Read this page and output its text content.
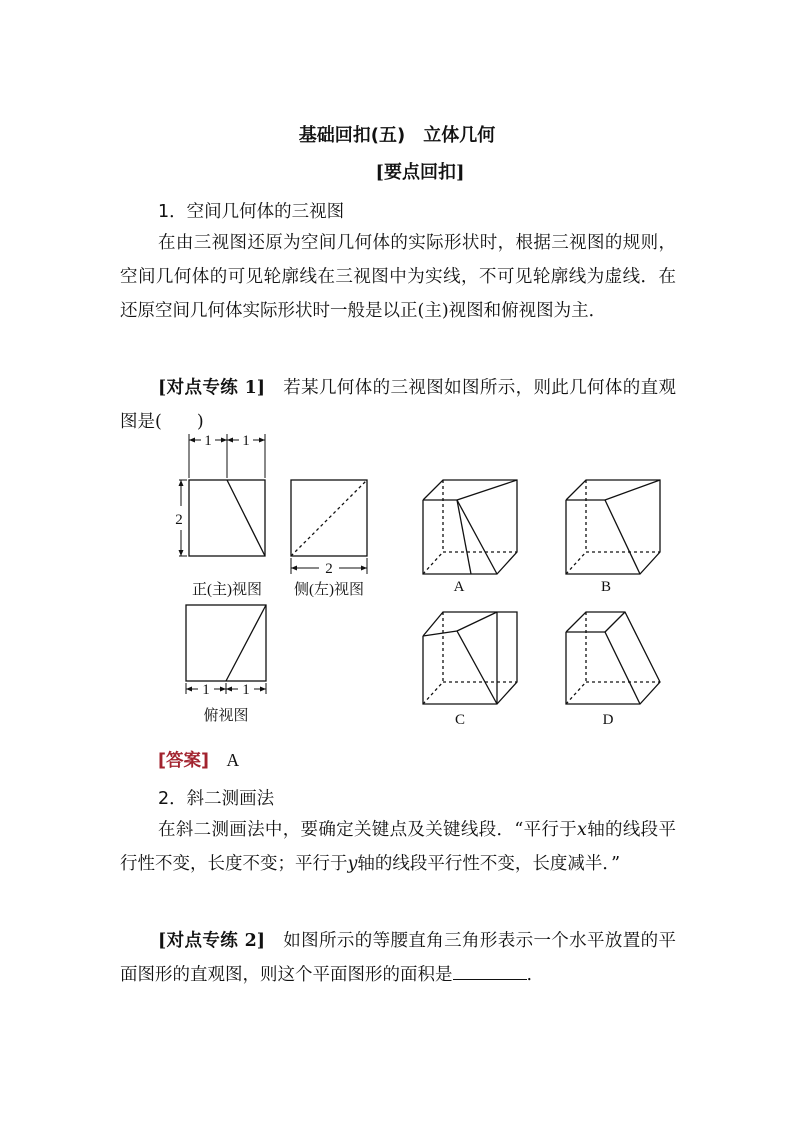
基础回扣(五)　立体几何
[要点回扣]
1．空间几何体的三视图
在由三视图还原为空间几何体的实际形状时，根据三视图的规则，空间几何体的可见轮廓线在三视图中为实线，不可见轮廓线为虚线．在还原空间几何体实际形状时一般是以正(主)视图和俯视图为主．
[对点专练 1]　 若某几何体的三视图如图所示，则此几何体的直观图是(　　)
1 1
2
2
1 1
正(主)视图 侧(左)视图
俯视图
A	B
C	D
[答案]　 A
2．斜二测画法
在斜二测画法中，要确定关键点及关键线段．“平行于x轴的线段平行性不变，长度不变；平行于y轴的线段平行性不变，长度减半．”
[对点专练 2]　 如图所示的等腰直角三角形表示一个水平放置的平面图形的直观图，则这个平面图形的面积是	.
